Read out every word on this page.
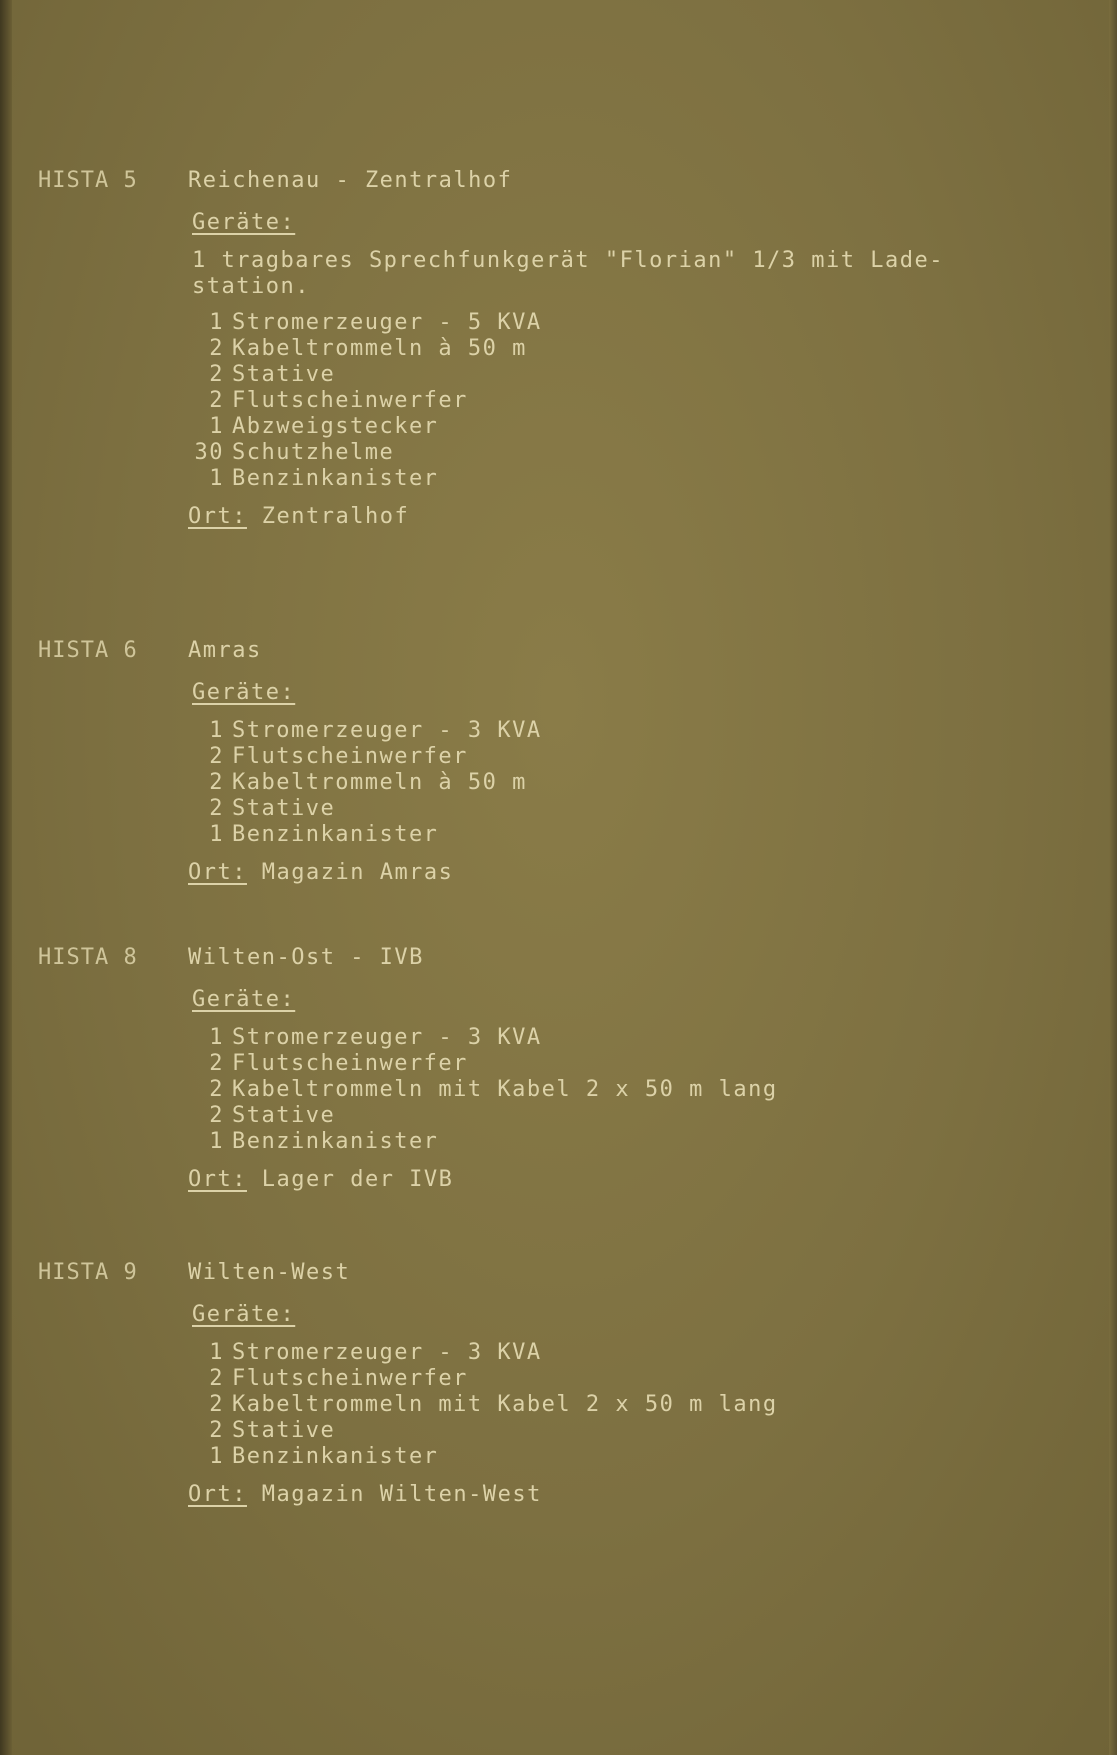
HISTA 5 Reichenau - Zentralhof

Geräte:

1 tragbares Sprechfunkgerät "Florian" 1/3 mit Lade-

station.

1 Stromerzeuger - 5 KVA
2 Kabeltrommeln à 50 m
2 Stative
2 Flutscheinwerfer
1 Abzweigstecker
30 Schutzhelme
1 Benzinkanister

Ort: Zentralhof

HISTA 6 Amras

Geräte:

1 Stromerzeuger - 3 KVA
2 Flutscheinwerfer
2 Kabeltrommeln à 50 m
2 Stative
1 Benzinkanister

Ort: Magazin Amras

HISTA 8 Wilten-Ost - IVB

Geräte:

1 Stromerzeuger - 3 KVA
2 Flutscheinwerfer
2 Kabeltrommeln mit Kabel 2 x 50 m lang
2 Stative
1 Benzinkanister

Ort: Lager der IVB

HISTA 9 Wilten-West

Geräte:

1 Stromerzeuger - 3 KVA
2 Flutscheinwerfer
2 Kabeltrommeln mit Kabel 2 x 50 m lang
2 Stative
1 Benzinkanister

Ort: Magazin Wilten-West
